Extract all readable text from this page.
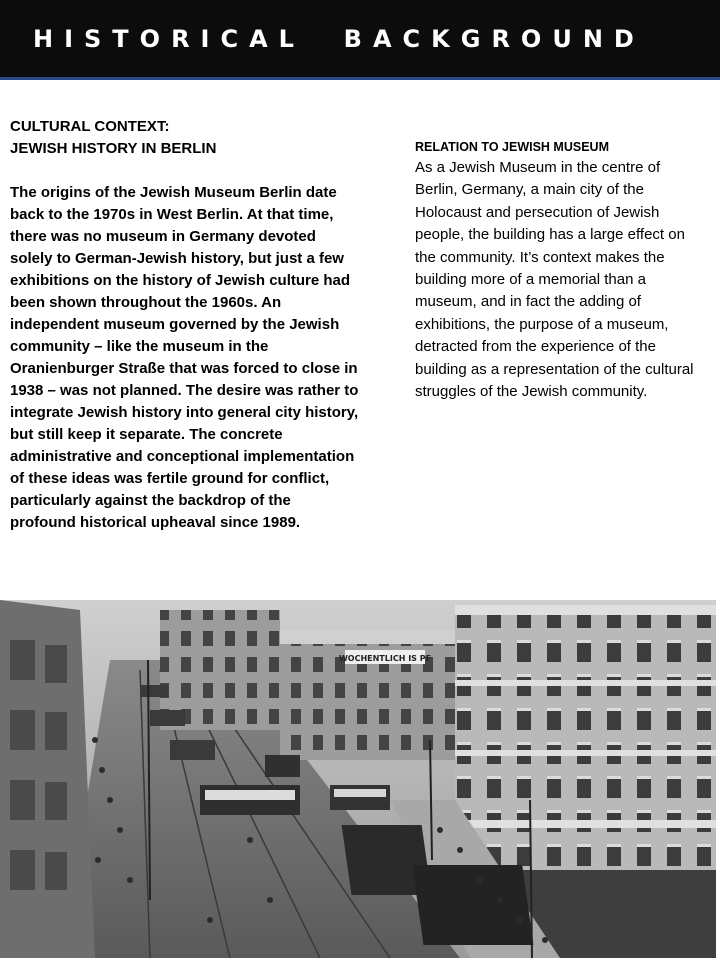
HISTORICAL  BACKGROUND
CULTURAL CONTEXT:
JEWISH HISTORY IN BERLIN

The origins of the Jewish Museum Berlin date back to the 1970s in West Berlin. At that time, there was no museum in Germany devoted solely to German-Jewish history, but just a few exhibitions on the history of Jewish culture had been shown throughout the 1960s. An independent museum governed by the Jewish community – like the museum in the Oranienburger Straße that was forced to close in 1938 – was not planned. The desire was rather to integrate Jewish history into general city history, but still keep it separate. The concrete administrative and conceptional implementation of these ideas was fertile ground for conflict, particularly against the backdrop of the profound historical upheaval since 1989.

RELATION TO JEWISH MUSEUM

As a Jewish Museum in the centre of Berlin, Germany, a main city of the Holocaust and persecution of Jewish people, the building has a large effect on the community. It’s context makes the building more of a memorial than a museum, and in fact the adding of exhibitions, the purpose of a museum, detracted from the experience of the building as a representation of the cultural struggles of the Jewish community.

WOCHENTLICH IS PF
